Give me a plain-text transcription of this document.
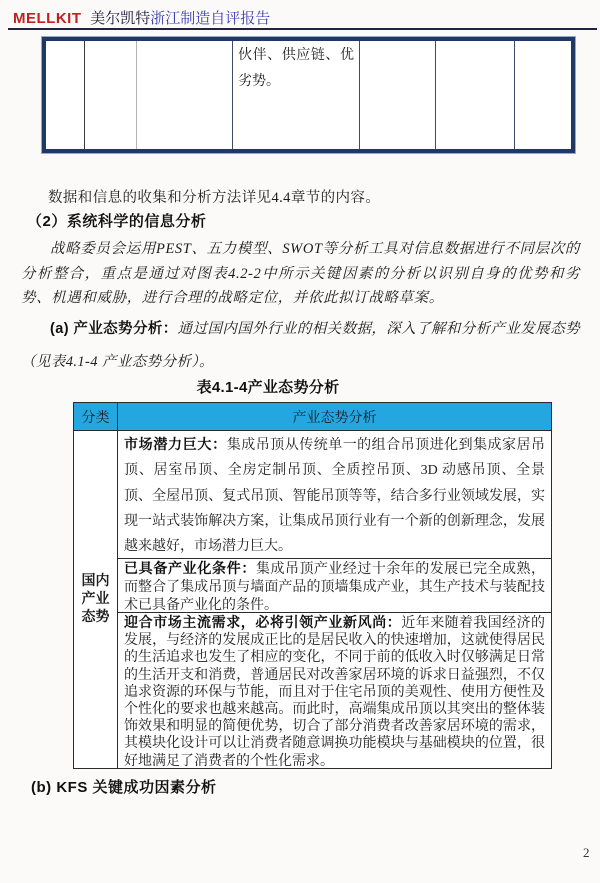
MELLKIT 美尔凯特浙江制造自评报告
伙伴、供应链、优劣势。

数据和信息的收集和分析方法详见4.4章节的内容。

（2）系统科学的信息分析

战略委员会运用PEST、五力模型、SWOT等分析工具对信息数据进行不同层次的分析整合，重点是通过对图表4.2-2中所示关键因素的分析以识别自身的优势和劣势、机遇和威胁，进行合理的战略定位，并依此拟订战略草案。

(a) 产业态势分析：通过国内国外行业的相关数据，深入了解和分析产业发展态势（见表4.1-4 产业态势分析）。

表4.1-4产业态势分析
分类	产业态势分析
国内产业态势
市场潜力巨大：集成吊顶从传统单一的组合吊顶进化到集成家居吊顶、居室吊顶、全房定制吊顶、全质控吊顶、3D 动感吊顶、全景顶、全屋吊顶、复式吊顶、智能吊顶等等，结合多行业领域发展，实现一站式装饰解决方案，让集成吊顶行业有一个新的创新理念，发展越来越好，市场潜力巨大。
已具备产业化条件：集成吊顶产业经过十余年的发展已完全成熟，而整合了集成吊顶与墙面产品的顶墙集成产业，其生产技术与装配技术已具备产业化的条件。
迎合市场主流需求，必将引领产业新风尚：近年来随着我国经济的发展，与经济的发展成正比的是居民收入的快速增加，这就使得居民的生活追求也发生了相应的变化，不同于前的低收入时仅够满足日常的生活开支和消费，普通居民对改善家居环境的诉求日益强烈，不仅追求资源的环保与节能，而且对于住宅吊顶的美观性、使用方便性及个性化的要求也越来越高。而此时，高端集成吊顶以其突出的整体装饰效果和明显的简便优势，切合了部分消费者改善家居环境的需求，其模块化设计可以让消费者随意调换功能模块与基础模块的位置，很好地满足了消费者的个性化需求。
(b) KFS 关键成功因素分析
2
